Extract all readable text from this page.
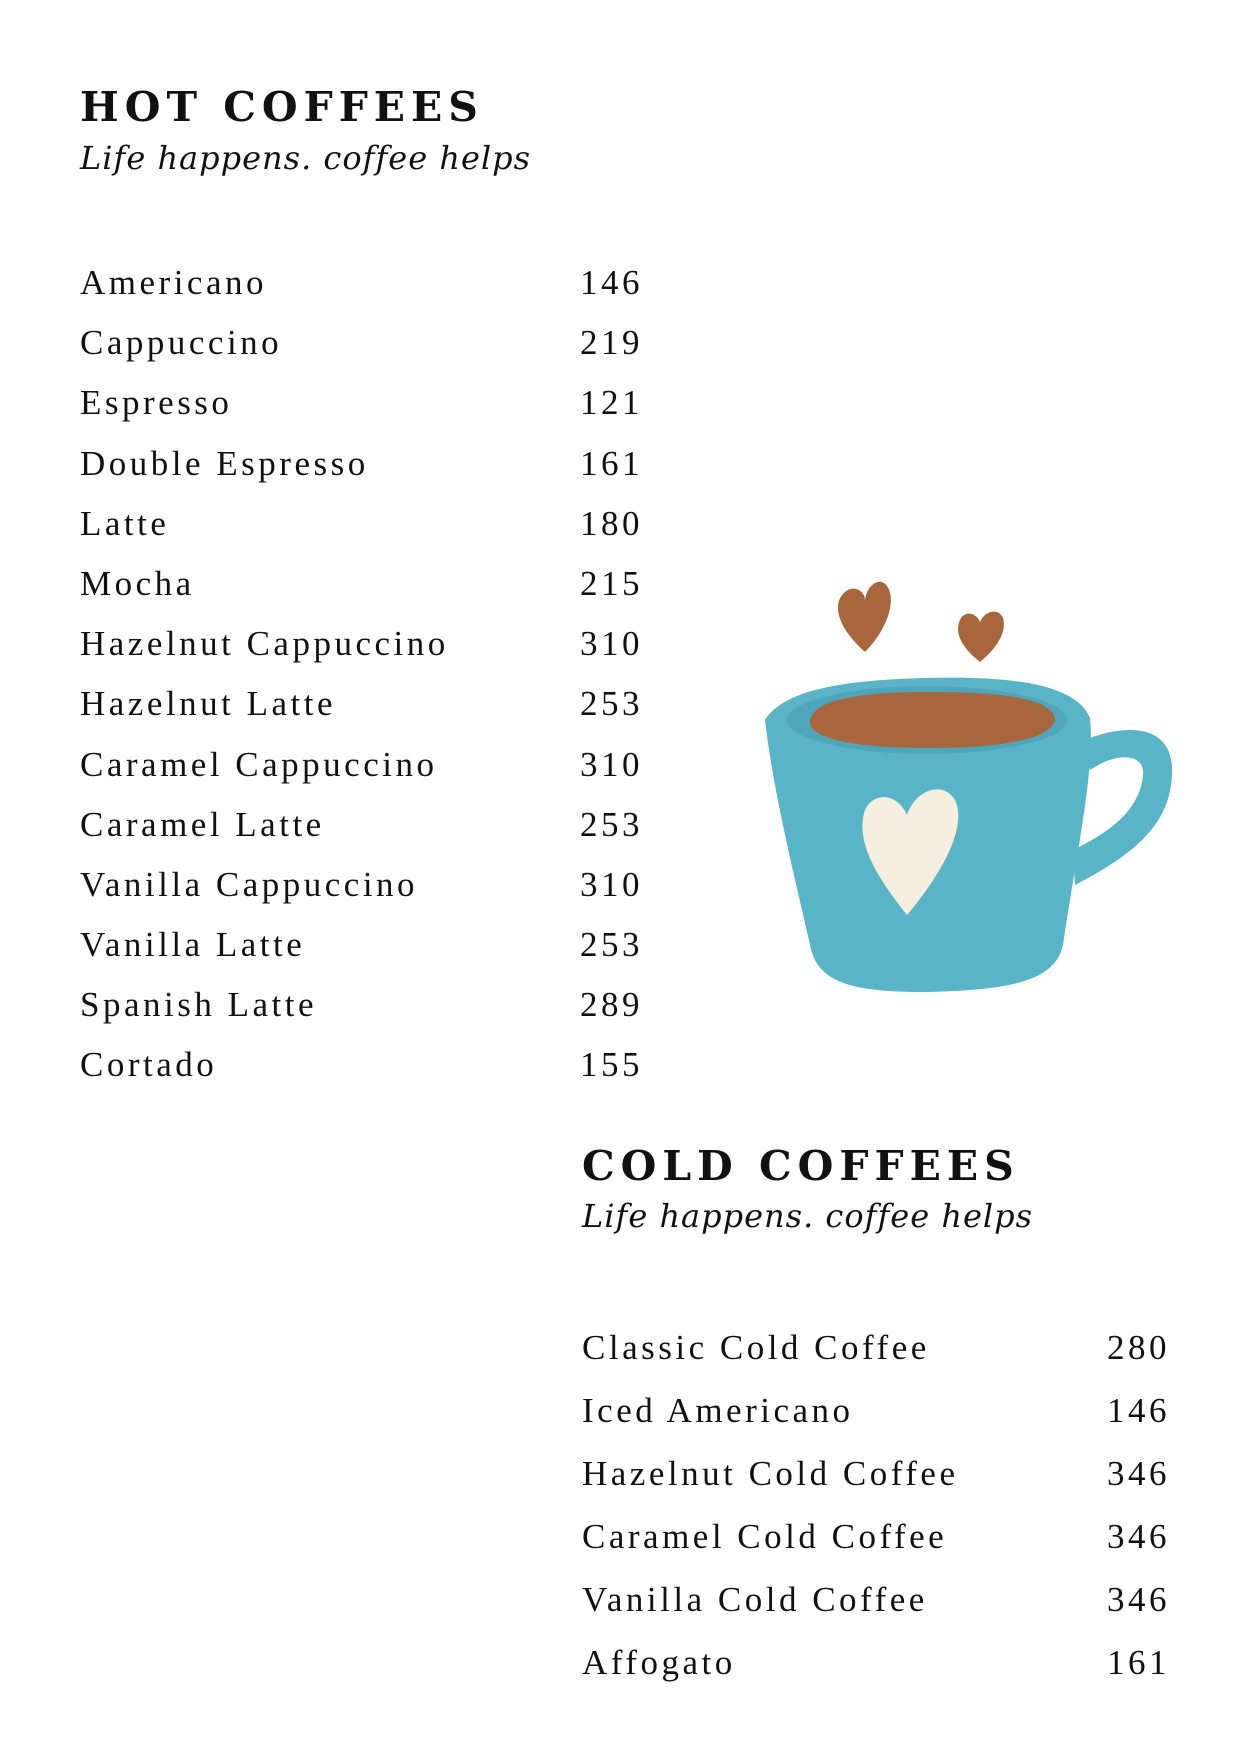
HOT COFFEES
Life happens. coffee helps
Americano	146
Cappuccino	219
Espresso	121
Double Espresso	161
Latte	180
Mocha	215
Hazelnut Cappuccino	310
Hazelnut Latte	253
Caramel Cappuccino	310
Caramel Latte	253
Vanilla Cappuccino	310
Vanilla Latte	253
Spanish Latte	289
Cortado	155
COLD COFFEES
Life happens. coffee helps
Classic Cold Coffee	280
Iced Americano	146
Hazelnut Cold Coffee	346
Caramel Cold Coffee	346
Vanilla Cold Coffee	346
Affogato	161
